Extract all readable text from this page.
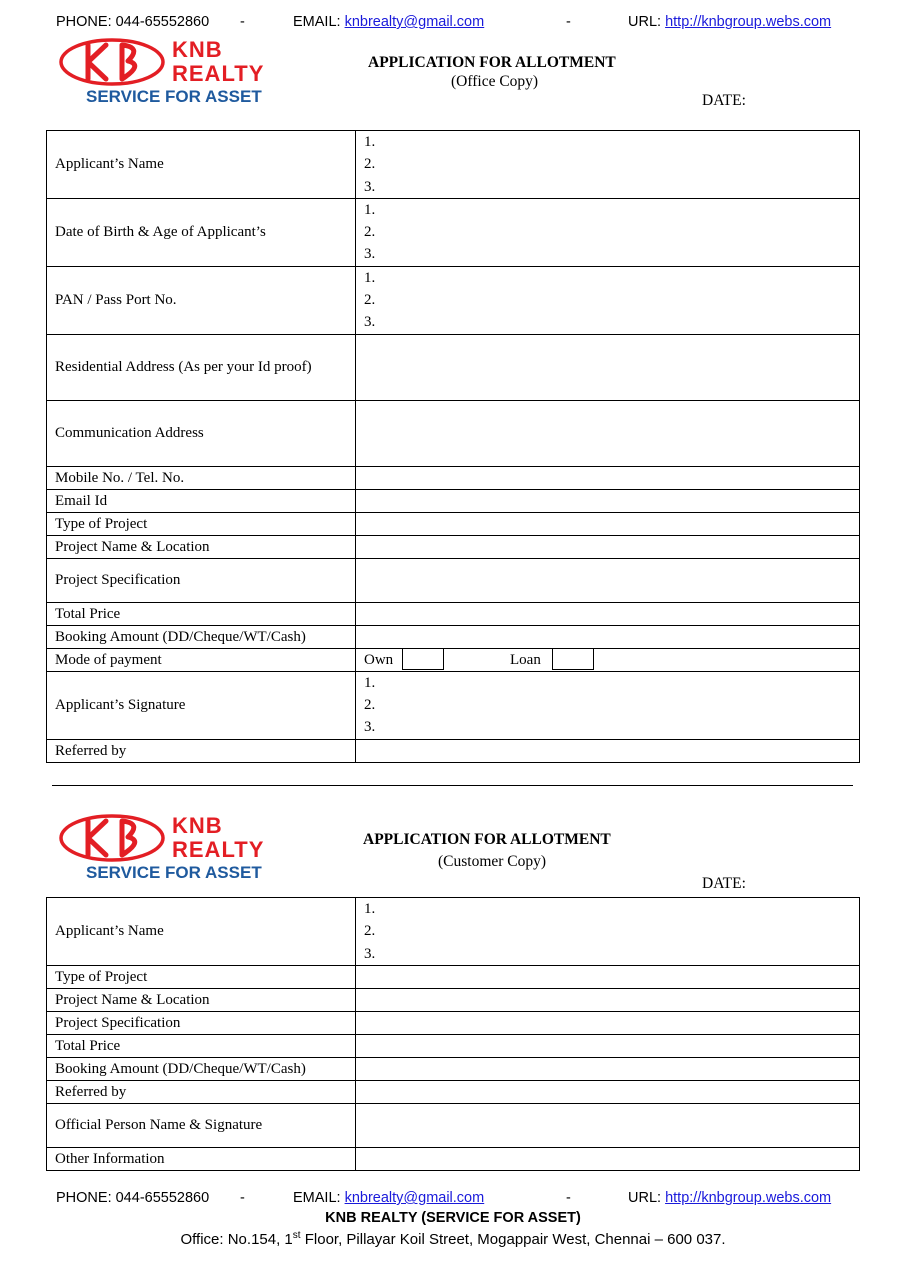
PHONE: 044-65552860 -	EMAIL: knbrealty@gmail.com	-	URL: http://knbgroup.webs.com
KNB
REALTY
SERVICE FOR ASSET
APPLICATION FOR ALLOTMENT
(Office Copy)
DATE:
Applicant’s Name	1.
2.
3.

Date of Birth & Age of Applicant’s	1.
2.
3.

PAN / Pass Port No.	1.
2.
3.

Residential Address (As per your Id proof)	
Communication Address	
Mobile No. / Tel. No.	
Email Id	
Type of Project	
Project Name & Location	
Project Specification	
Total Price	
Booking Amount (DD/Cheque/WT/Cash)	
Mode of payment	Own Loan

Applicant’s Signature	1.
2.
3.

Referred by	
KNB
REALTY
SERVICE FOR ASSET
APPLICATION FOR ALLOTMENT
(Customer Copy)
DATE:
Applicant’s Name	1.
2.
3.

Type of Project	
Project Name & Location	
Project Specification	
Total Price	
Booking Amount (DD/Cheque/WT/Cash)	
Referred by	
Official Person Name & Signature	
Other Information	
PHONE: 044-65552860 -	EMAIL: knbrealty@gmail.com	-	URL: http://knbgroup.webs.com
KNB REALTY (SERVICE FOR ASSET)
Office: No.154, 1st Floor, Pillayar Koil Street, Mogappair West, Chennai – 600 037.
